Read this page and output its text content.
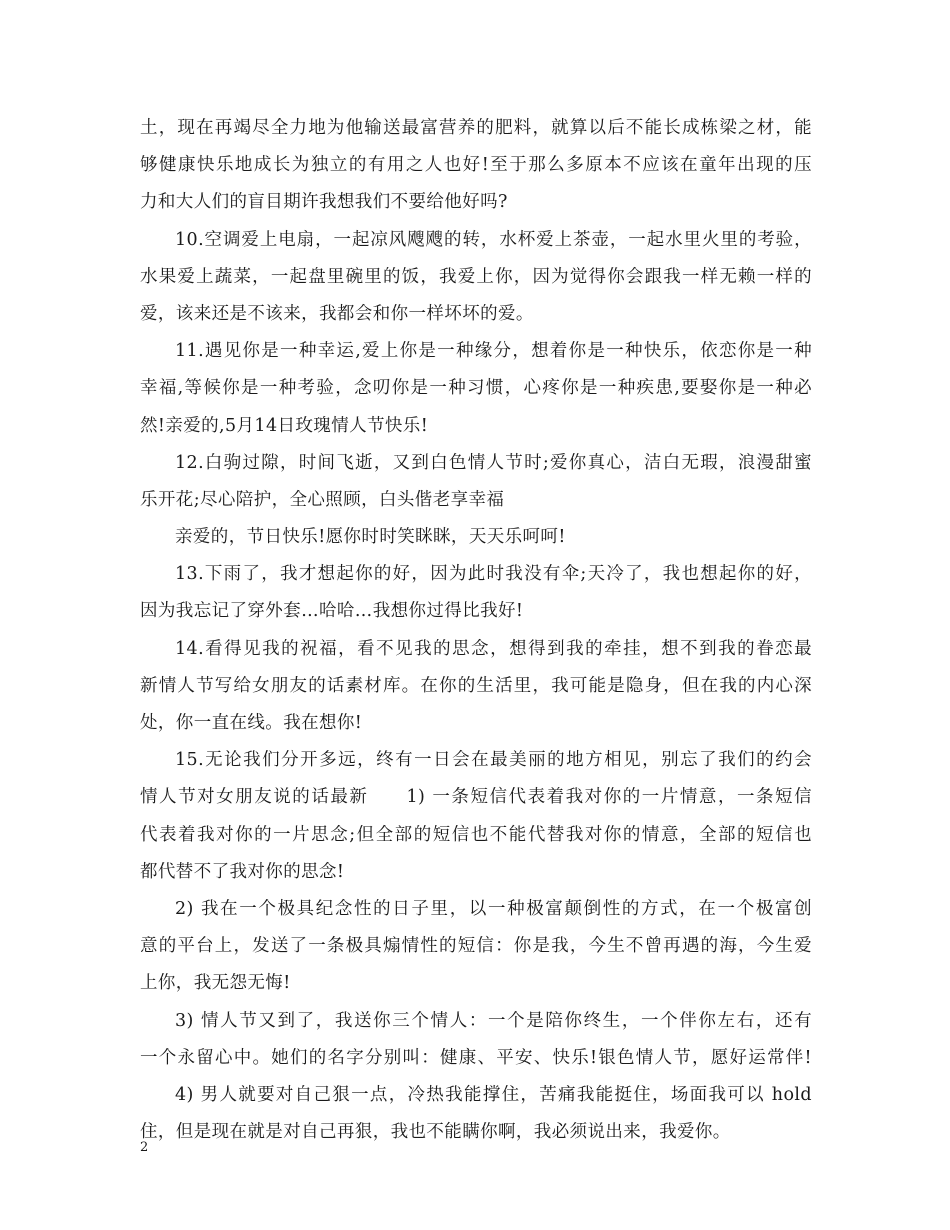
土，现在再竭尽全力地为他输送最富营养的肥料，就算以后不能长成栋梁之材，能
够健康快乐地成长为独立的有用之人也好!至于那么多原本不应该在童年出现的压
力和大人们的盲目期许我想我们不要给他好吗?
10.空调爱上电扇，一起凉风飕飕的转，水杯爱上茶壶，一起水里火里的考验，
水果爱上蔬菜，一起盘里碗里的饭，我爱上你，因为觉得你会跟我一样无赖一样的
爱，该来还是不该来，我都会和你一样坏坏的爱。
11.遇见你是一种幸运,爱上你是一种缘分，想着你是一种快乐，依恋你是一种
幸福,等候你是一种考验，念叨你是一种习惯，心疼你是一种疾患,要娶你是一种必
然!亲爱的,5月14日玫瑰情人节快乐!
12.白驹过隙，时间飞逝，又到白色情人节时;爱你真心，洁白无瑕，浪漫甜蜜
乐开花;尽心陪护，全心照顾，白头偕老享幸福
亲爱的，节日快乐!愿你时时笑眯眯，天天乐呵呵!
13.下雨了，我才想起你的好，因为此时我没有伞;天冷了，我也想起你的好，
因为我忘记了穿外套…哈哈…我想你过得比我好!
14.看得见我的祝福，看不见我的思念，想得到我的牵挂，想不到我的眷恋最
新情人节写给女朋友的话素材库。在你的生活里，我可能是隐身，但在我的内心深
处，你一直在线。我在想你!
15.无论我们分开多远，终有一日会在最美丽的地方相见，别忘了我们的约会
情人节对女朋友说的话最新　　1) 一条短信代表着我对你的一片情意，一条短信
代表着我对你的一片思念;但全部的短信也不能代替我对你的情意，全部的短信也
都代替不了我对你的思念!
2) 我在一个极具纪念性的日子里，以一种极富颠倒性的方式，在一个极富创
意的平台上，发送了一条极具煽情性的短信：你是我，今生不曾再遇的海，今生爱
上你，我无怨无悔!
3) 情人节又到了，我送你三个情人：一个是陪你终生，一个伴你左右，还有
一个永留心中。她们的名字分别叫：健康、平安、快乐!银色情人节，愿好运常伴!
4) 男人就要对自己狠一点，冷热我能撑住，苦痛我能挺住，场面我可以 hold
住，但是现在就是对自己再狠，我也不能瞒你啊，我必须说出来，我爱你。
2
